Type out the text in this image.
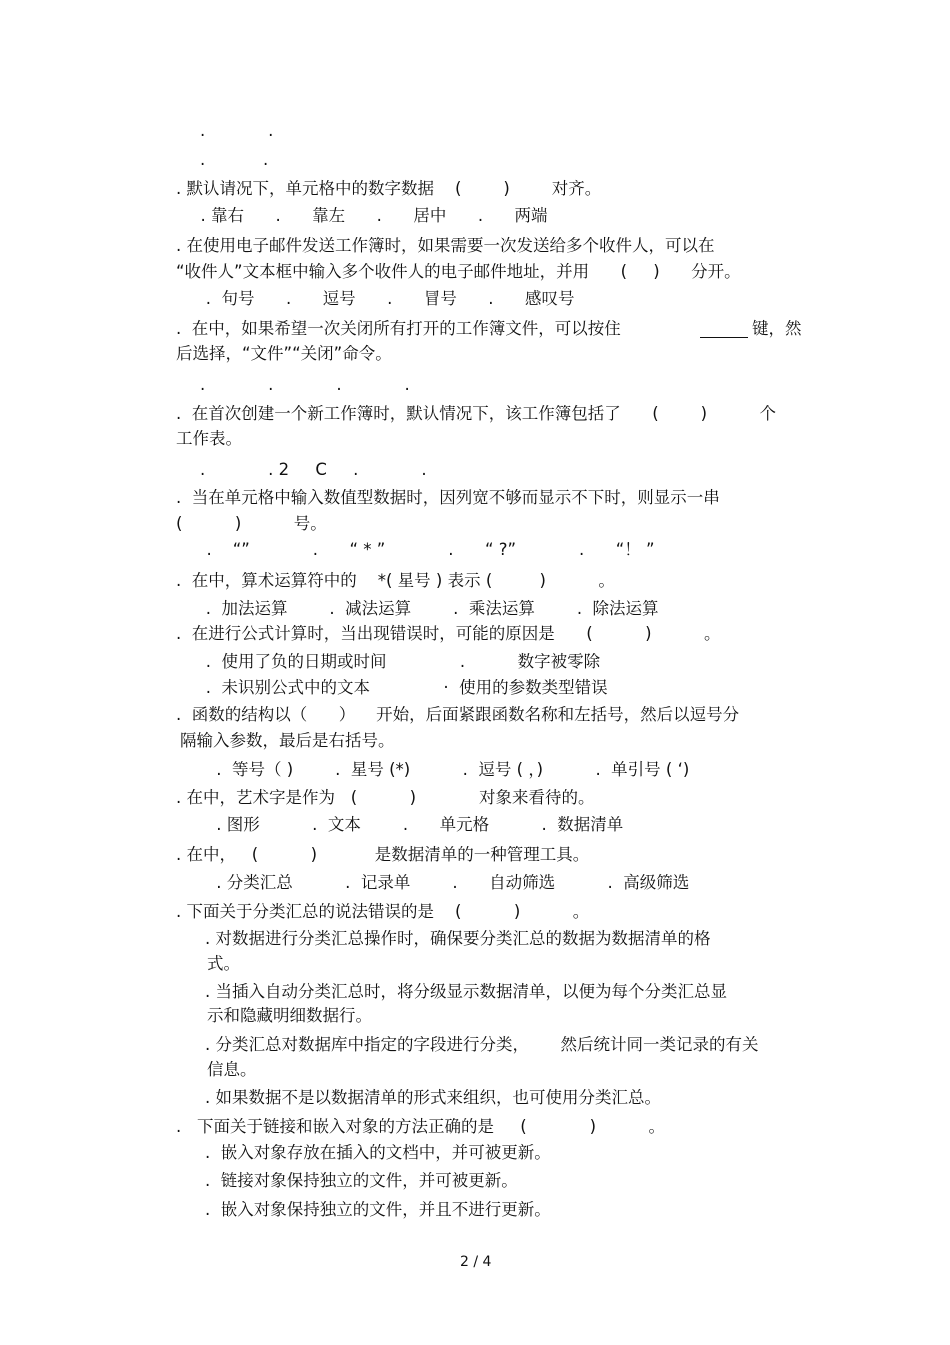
.            .
.           .
. 默认请况下，单元格中的数字数据    (        )        对齐。
. 靠右      .      靠左      .      居中      .      两端
. 在使用电子邮件发送工作簿时，如果需要一次发送给多个收件人，可以在
“收件人”文本框中输入多个收件人的电子邮件地址，并用      (     )      分开。
.  句号      .      逗号      .      冒号      .      感叹号
.  在中，如果希望一次关闭所有打开的工作簿文件，可以按住	键，然
后选择，“文件”“关闭”命令。
.            .            .            .
.  在首次创建一个新工作簿时，默认情况下，该工作簿包括了      (        )          个
工作表。
.            . 2     C     .            .
.  当在单元格中输入数值型数据时，因列宽不够而显示不下时，则显示一串
(          )          号。
.    “”            .      “ * ”            .      “ ?”            .      “！ ”
.  在中，算术运算符中的    *( 星号 ) 表示 (         )          。
.  加法运算        .  减法运算        .  乘法运算        .  除法运算
.  在进行公式计算时，当出现错误时，可能的原因是      (          )          。
.  使用了负的日期或时间              .          数字被零除
.  未识别公式中的文本              ·  使用的参数类型错误
.  函数的结构以（      ）    开始，后面紧跟函数名称和左括号，然后以逗号分
隔输入参数，最后是右括号。
.  等号（ )        .  星号 (*)          .  逗号 ( ，)          .  单引号 ( ‘)
. 在中，艺术字是作为   (          )            对象来看待的。
. 图形          .  文本        .      单元格          .  数据清单
. 在中，   (          )           是数据清单的一种管理工具。
. 分类汇总          .  记录单        .      自动筛选          .  高级筛选
. 下面关于分类汇总的说法错误的是    (          )          。
. 对数据进行分类汇总操作时，确保要分类汇总的数据为数据清单的格
式。
. 当插入自动分类汇总时，将分级显示数据清单，以便为每个分类汇总显
示和隐藏明细数据行。
. 分类汇总对数据库中指定的字段进行分类，      然后统计同一类记录的有关
信息。
. 如果数据不是以数据清单的形式来组织，也可使用分类汇总。
.   下面关于链接和嵌入对象的方法正确的是     (            )          。
.  嵌入对象存放在插入的文档中，并可被更新。
.  链接对象保持独立的文件，并可被更新。
.  嵌入对象保持独立的文件，并且不进行更新。
2 / 4
